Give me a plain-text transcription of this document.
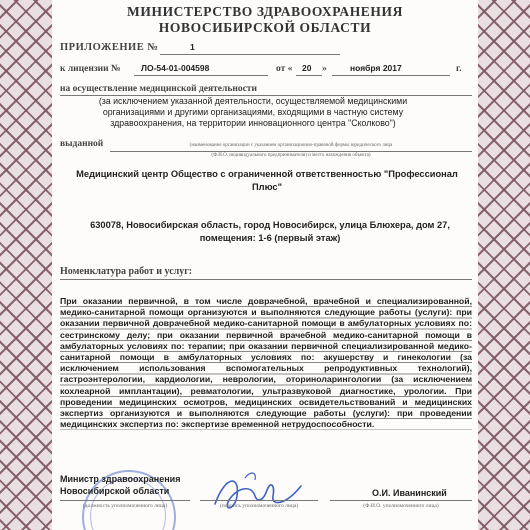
МИНИСТЕРСТВО ЗДРАВООХРАНЕНИЯ
НОВОСИБИРСКОЙ ОБЛАСТИ
ПРИЛОЖЕНИЕ №	1
к лицензии № ЛО-54-01-004598	от « 20 »	ноября 2017	г.
на осуществление медицинской деятельности
(за исключением указанной деятельности, осуществляемой медицинскими организациями и другими организациями, входящими в частную систему здравоохранения, на территории инновационного центра "Сколково")
выданной	(наименование организации с указанием организационно-правовой формы юридического лица
(Ф.И.О. индивидуального предпринимателя) и место нахождения объекта)
Медицинский центр Общество с ограниченной ответственностью "Профессионал Плюс"
630078, Новосибирская область, город Новосибирск, улица Блюхера, дом 27, помещения: 1-6 (первый этаж)
Номенклатура работ и услуг:
При оказании первичной, в том числе доврачебной, врачебной и специализированной, медико-санитарной помощи организуются и выполняются следующие работы (услуги): при оказании первичной доврачебной медико-санитарной помощи в амбулаторных условиях по: сестринскому делу; при оказании первичной врачебной медико-санитарной помощи в амбулаторных условиях по: терапии; при оказании первичной специализированной медико-санитарной помощи в амбулаторных условиях по: акушерству и гинекологии (за исключением использования вспомогательных репродуктивных технологий), гастроэнтерологии, кардиологии, неврологии, оториноларингологии (за исключением кохлеарной имплантации), ревматологии, ультразвуковой диагностике, урологии. При проведении медицинских осмотров, медицинских освидетельствований и медицинских экспертиз организуются и выполняются следующие работы (услуги): при проведении медицинских экспертиз по: экспертизе временной нетрудоспособности.
Министр здравоохранения
Новосибирской области
(должность уполномоченного лица)	(подпись уполномоченного лица)
О.И. Иванинский
(Ф.И.О. уполномоченного лица)
